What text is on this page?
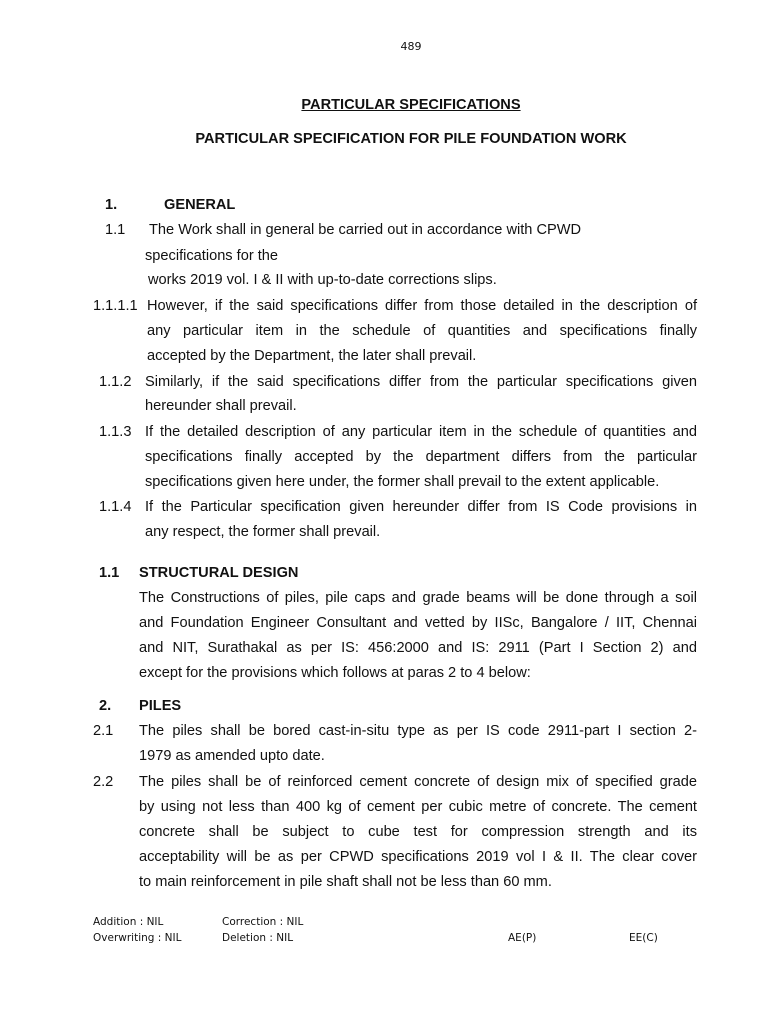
489
PARTICULAR SPECIFICATIONS
PARTICULAR SPECIFICATION FOR PILE FOUNDATION WORK
1.	GENERAL
1.1 The Work shall in general be carried out in accordance with CPWD
specifications for the
works 2019 vol. I & II with up-to-date corrections slips.
1.1.1.1 However, if the said specifications differ from those detailed in the description of
any particular item in the schedule of quantities and specifications finally
accepted by the Department, the later shall prevail.
1.1.2 Similarly, if the said specifications differ from the particular specifications given
hereunder shall prevail.
1.1.3 If the detailed description of any particular item in the schedule of quantities and
specifications finally accepted by the department differs from the particular
specifications given here under, the former shall prevail to the extent applicable.
1.1.4 If the Particular specification given hereunder differ from IS Code provisions in
any respect, the former shall prevail.
1.1 STRUCTURAL DESIGN
The Constructions of piles, pile caps and grade beams will be done through a soil
and Foundation Engineer Consultant and vetted by IISc, Bangalore / IIT, Chennai
and NIT, Surathakal as per IS: 456:2000 and IS: 2911 (Part I Section 2) and
except for the provisions which follows at paras 2 to 4 below:
2. PILES
2.1 The piles shall be bored cast-in-situ type as per IS code 2911-part I section 2-
1979 as amended upto date.
2.2 The piles shall be of reinforced cement concrete of design mix of specified grade
by using not less than 400 kg of cement per cubic metre of concrete. The cement
concrete shall be subject to cube test for compression strength and its
acceptability will be as per CPWD specifications 2019 vol I & II. The clear cover
to main reinforcement in pile shaft shall not be less than 60 mm.
Addition : NIL	Correction : NIL
Overwriting : NIL	Deletion : NIL	AE(P)	EE(C)
